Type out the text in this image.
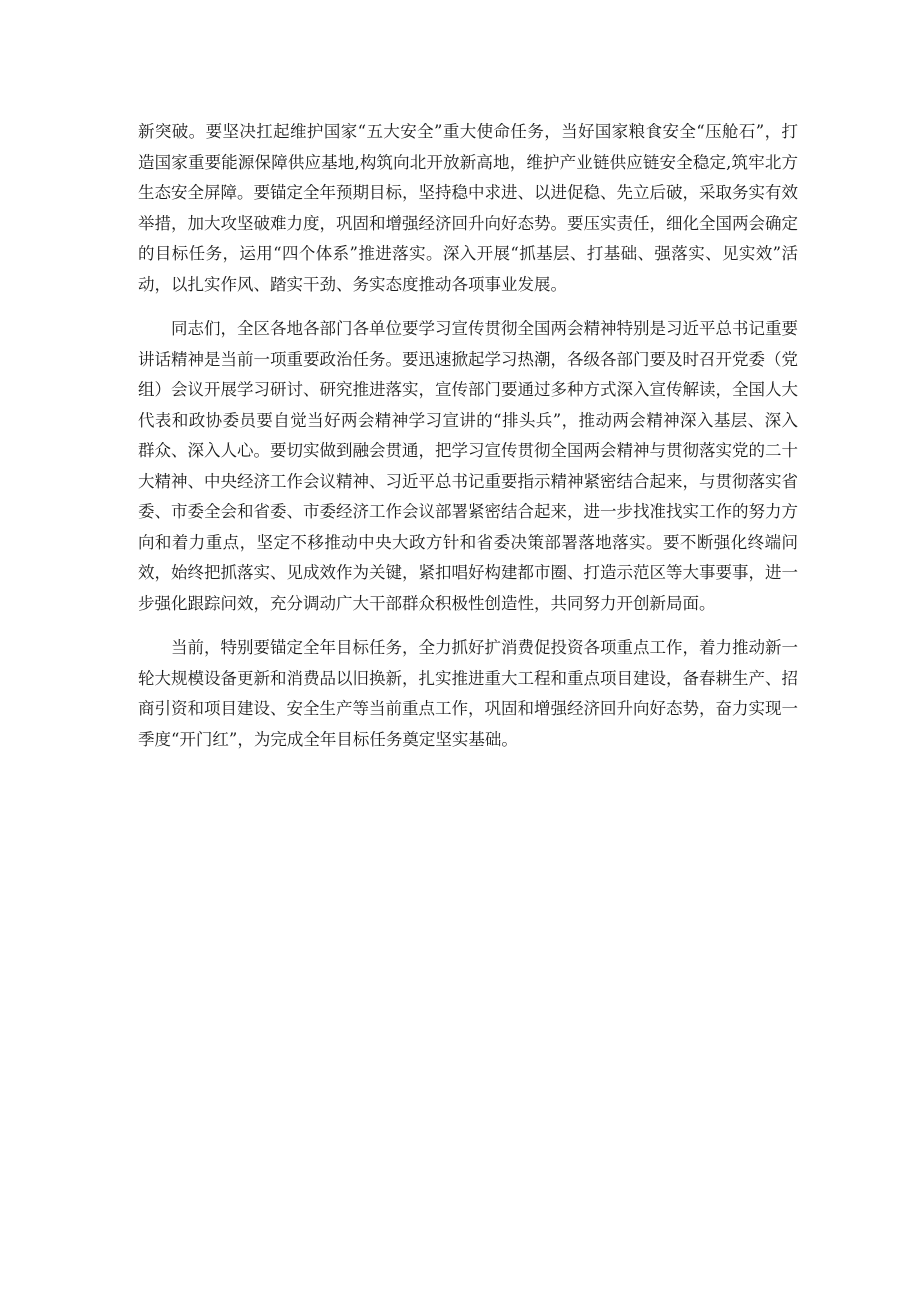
新突破。要坚决扛起维护国家“五大安全”重大使命任务，当好国家粮食安全“压舱石”，打造国家重要能源保障供应基地,构筑向北开放新高地，维护产业链供应链安全稳定,筑牢北方生态安全屏障。要锚定全年预期目标，坚持稳中求进、以进促稳、先立后破，采取务实有效举措，加大攻坚破难力度，巩固和增强经济回升向好态势。要压实责任，细化全国两会确定的目标任务，运用“四个体系”推进落实。深入开展“抓基层、打基础、强落实、见实效”活动，以扎实作风、踏实干劲、务实态度推动各项事业发展。

同志们，全区各地各部门各单位要学习宣传贯彻全国两会精神特别是习近平总书记重要讲话精神是当前一项重要政治任务。要迅速掀起学习热潮，各级各部门要及时召开党委（党组）会议开展学习研讨、研究推进落实，宣传部门要通过多种方式深入宣传解读，全国人大代表和政协委员要自觉当好两会精神学习宣讲的“排头兵”，推动两会精神深入基层、深入群众、深入人心。要切实做到融会贯通，把学习宣传贯彻全国两会精神与贯彻落实党的二十大精神、中央经济工作会议精神、习近平总书记重要指示精神紧密结合起来，与贯彻落实省委、市委全会和省委、市委经济工作会议部署紧密结合起来，进一步找准找实工作的努力方向和着力重点，坚定不移推动中央大政方针和省委决策部署落地落实。要不断强化终端问效，始终把抓落实、见成效作为关键，紧扣唱好构建都市圈、打造示范区等大事要事，进一步强化跟踪问效，充分调动广大干部群众积极性创造性，共同努力开创新局面。

当前，特别要锚定全年目标任务，全力抓好扩消费促投资各项重点工作，着力推动新一轮大规模设备更新和消费品以旧换新，扎实推进重大工程和重点项目建设，备春耕生产、招商引资和项目建设、安全生产等当前重点工作，巩固和增强经济回升向好态势，奋力实现一季度“开门红”，为完成全年目标任务奠定坚实基础。
